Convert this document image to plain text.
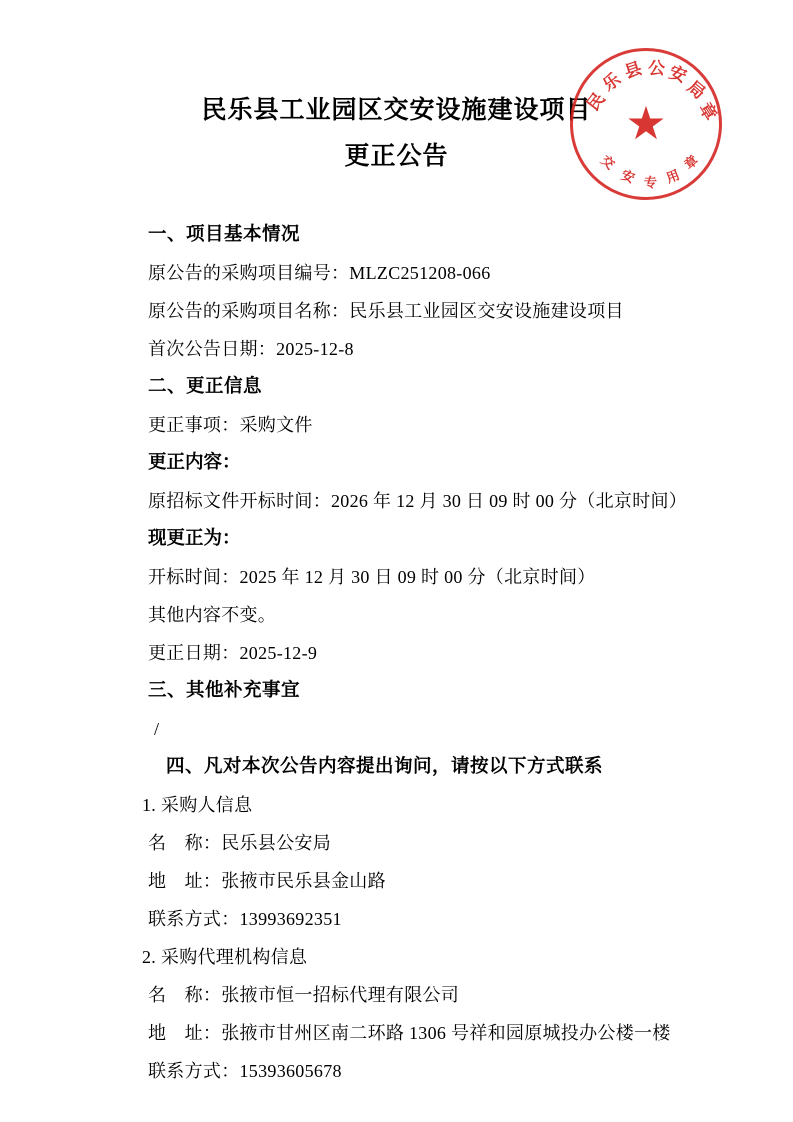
★
民
乐
县 公 安
局
章
交
安 专 用
章
民乐县工业园区交安设施建设项目
更正公告
一、项目基本情况
原公告的采购项目编号：MLZC251208-066
原公告的采购项目名称：民乐县工业园区交安设施建设项目
首次公告日期：2025-12-8
二、更正信息
更正事项：采购文件
更正内容：
原招标文件开标时间：2026 年 12 月 30 日 09 时 00 分（北京时间）
现更正为：
开标时间：2025 年 12 月 30 日 09 时 00 分（北京时间）
其他内容不变。
更正日期：2025-12-9
三、其他补充事宜
/
四、凡对本次公告内容提出询问，请按以下方式联系
1. 采购人信息
名　称：民乐县公安局
地　址：张掖市民乐县金山路
联系方式：13993692351
2. 采购代理机构信息
名　称：张掖市恒一招标代理有限公司
地　址：张掖市甘州区南二环路 1306 号祥和园原城投办公楼一楼
联系方式：15393605678
